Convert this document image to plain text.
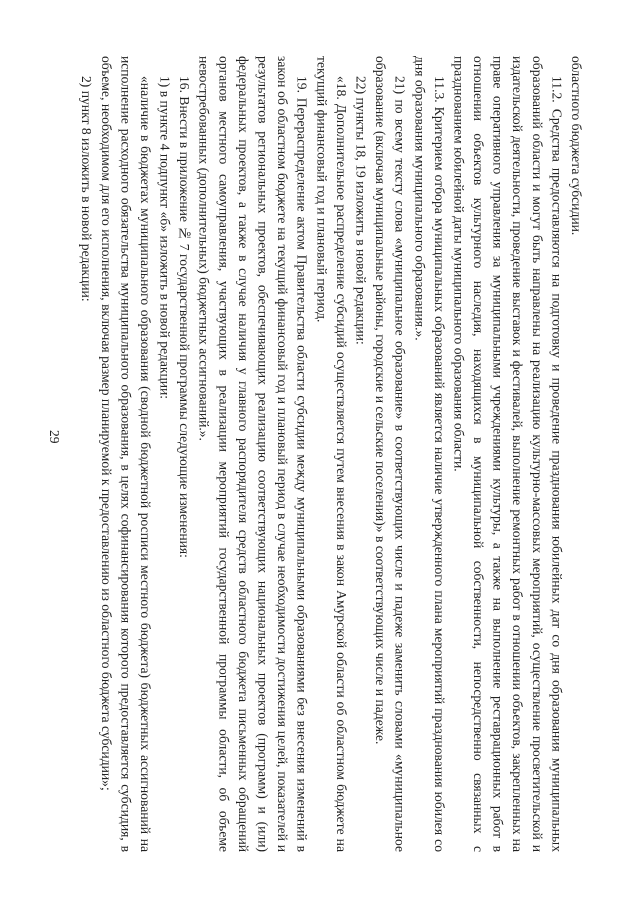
29

областного бюджета субсидии.

11.2. Средства предоставляются на подготовку и проведение празднования юбилейных дат со дня образования муниципальных образований области и могут быть направлены на реализацию культурно-массовых мероприятий, осуществление просветительской и издательской деятельности, проведение выставок и фестивалей, выполнение ремонтных работ в отношении объектов, закрепленных на праве оперативного управления за муниципальными учреждениями культуры, а также на выполнение реставрационных работ в отношении объектов культурного наследия, находящихся в муниципальной собственности, непосредственно связанных с празднованием юбилейной даты муниципального образования области.

11.3. Критерием отбора муниципальных образований является наличие утвержденного плана мероприятий празднования юбилея со дня образования муниципального образования.».

21) по всему тексту слова «муниципальное образование» в соответствующих числе и падеже заменить словами «муниципальное образование (включая муниципальные районы, городские и сельские поселения)» в соответствующих числе и падеже.

22) пункты 18, 19 изложить в новой редакции:

«18. Дополнительное распределение субсидий осуществляется путем внесения в закон Амурской области об областном бюджете на текущий финансовый год и плановый период.

19. Перераспределение актом Правительства области субсидии между муниципальными образованиями без внесения изменений в закон об областном бюджете на текущий финансовый год и плановый период в случае необходимости достижения целей, показателей и результатов региональных проектов, обеспечивающих реализацию соответствующих национальных проектов (программ) и (или) федеральных проектов, а также в случае наличия у главного распорядителя средств областного бюджета письменных обращений органов местного самоуправления, участвующих в реализации мероприятий государственной программы области, об объеме невостребованных (дополнительных) бюджетных ассигнований.».

16. Внести в приложение № 7 государственной программы следующие изменения:

1) в пункте 4 подпункт «б» изложить в новой редакции:

«наличие в бюджетах муниципального образования (сводной бюджетной росписи местного бюджета) бюджетных ассигнований на исполнение расходного обязательства муниципального образования, в целях софинансирования которого предоставляется субсидия, в объеме, необходимом для его исполнения, включая размер планируемой к предоставлению из областного бюджета субсидии»;

2) пункт 8 изложить в новой редакции:
